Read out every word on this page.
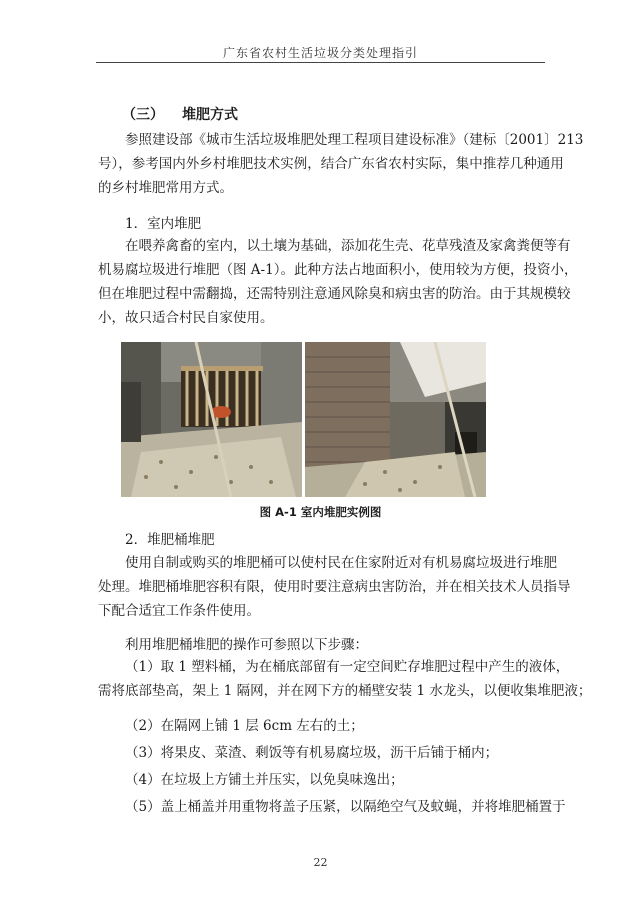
广东省农村生活垃圾分类处理指引
（三） 堆肥方式

参照建设部《城市生活垃圾堆肥处理工程项目建设标准》（建标〔2001〕213
号），参考国内外乡村堆肥技术实例，结合广东省农村实际，集中推荐几种通用
的乡村堆肥常用方式。

1．室内堆肥

在喂养禽畜的室内，以土壤为基础，添加花生壳、花草残渣及家禽粪便等有
机易腐垃圾进行堆肥（图 A-1）。此种方法占地面积小，使用较为方便，投资小，
但在堆肥过程中需翻捣，还需特别注意通风除臭和病虫害的防治。由于其规模较
小，故只适合村民自家使用。

图 A-1 室内堆肥实例图
2．堆肥桶堆肥

使用自制或购买的堆肥桶可以使村民在住家附近对有机易腐垃圾进行堆肥
处理。堆肥桶堆肥容积有限，使用时要注意病虫害防治，并在相关技术人员指导
下配合适宜工作条件使用。

利用堆肥桶堆肥的操作可参照以下步骤：

（1）取 1 塑料桶，为在桶底部留有一定空间贮存堆肥过程中产生的液体，
需将底部垫高，架上 1 隔网，并在网下方的桶壁安装 1 水龙头，以便收集堆肥液；

（2）在隔网上铺 1 层 6cm 左右的土；
（3）将果皮、菜渣、剩饭等有机易腐垃圾，沥干后铺于桶内；
（4）在垃圾上方铺土并压实，以免臭味逸出；
（5）盖上桶盖并用重物将盖子压紧，以隔绝空气及蚊蝇，并将堆肥桶置于
22
